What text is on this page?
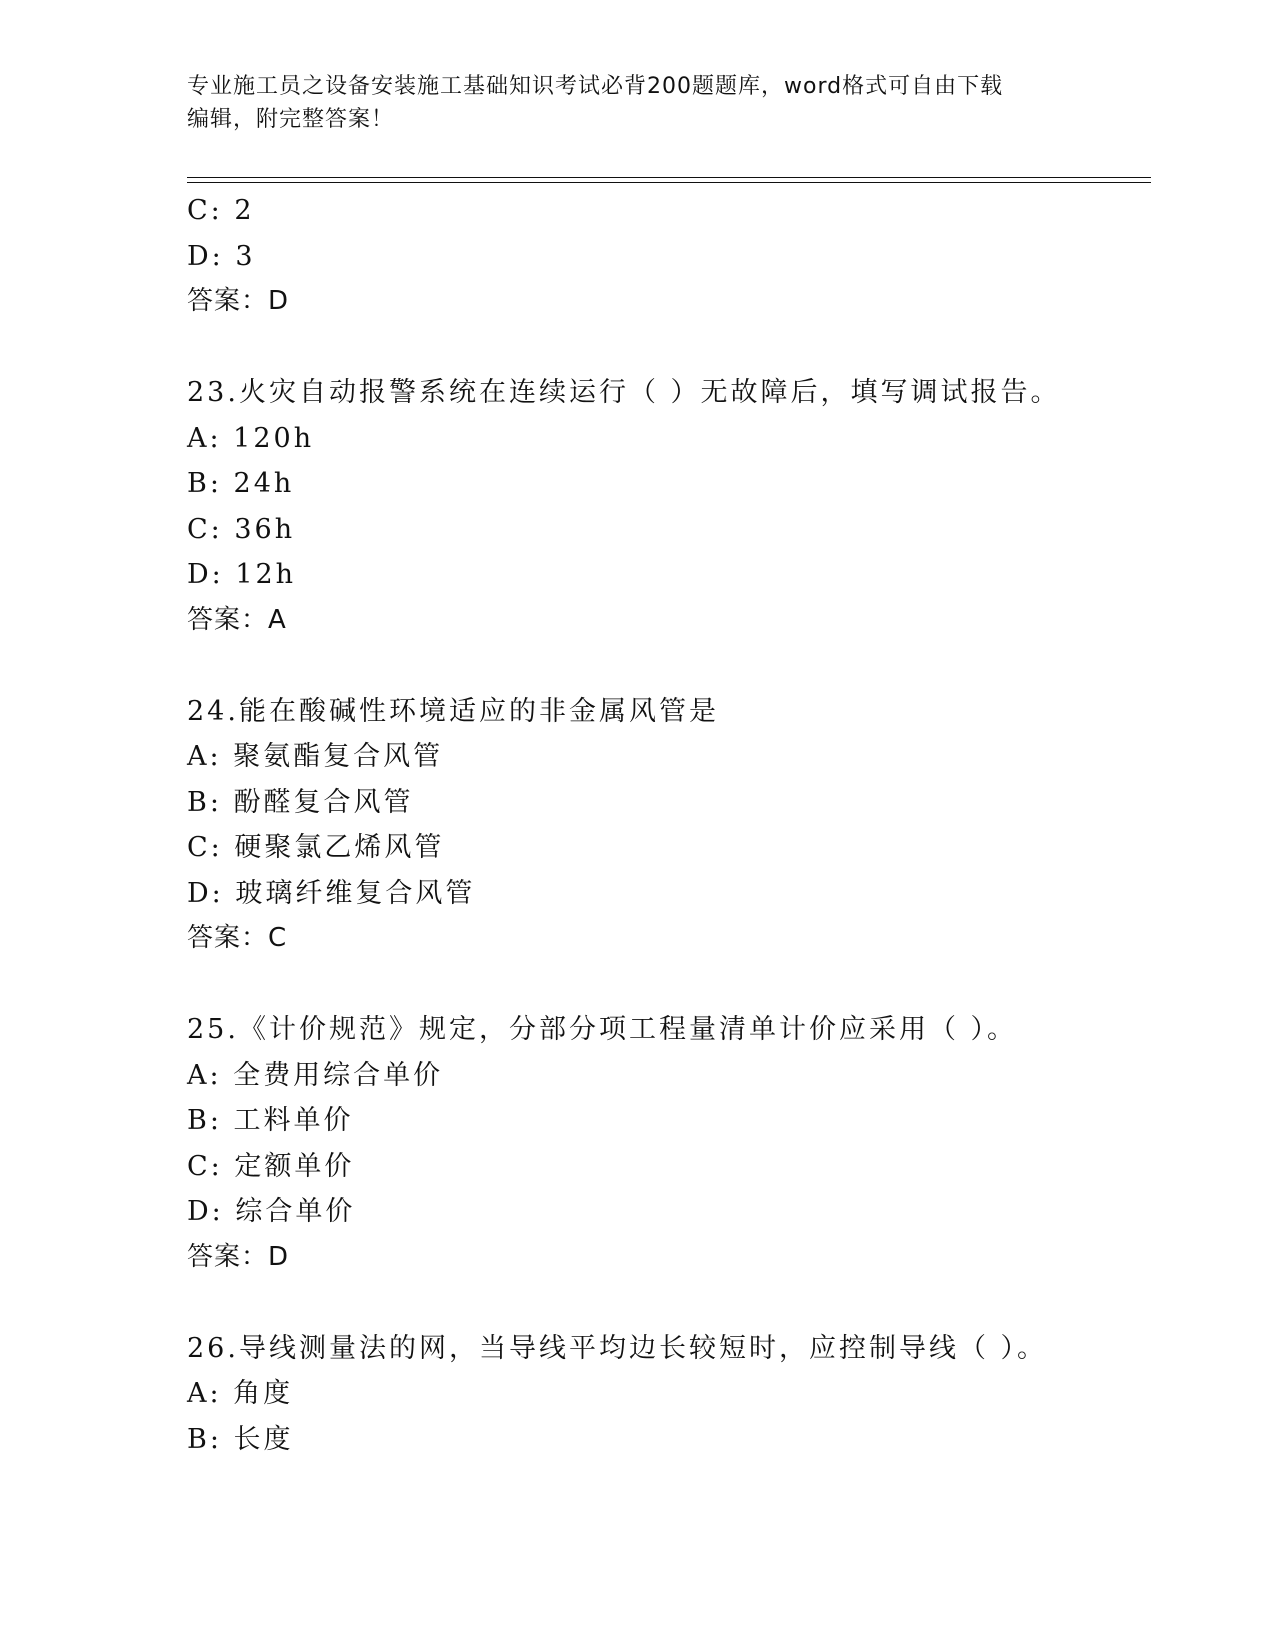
专业施工员之设备安装施工基础知识考试必背200题题库，word格式可自由下载
编辑，附完整答案！
C: 2
D: 3
答案：D
23.火灾自动报警系统在连续运行（ ）无故障后，填写调试报告。
A: 120h
B: 24h
C: 36h
D: 12h
答案：A
24.能在酸碱性环境适应的非金属风管是
A: 聚氨酯复合风管
B: 酚醛复合风管
C: 硬聚氯乙烯风管
D: 玻璃纤维复合风管
答案：C
25.《计价规范》规定，分部分项工程量清单计价应采用（ ）。
A: 全费用综合单价
B: 工料单价
C: 定额单价
D: 综合单价
答案：D
26.导线测量法的网，当导线平均边长较短时，应控制导线（ ）。
A: 角度
B: 长度
